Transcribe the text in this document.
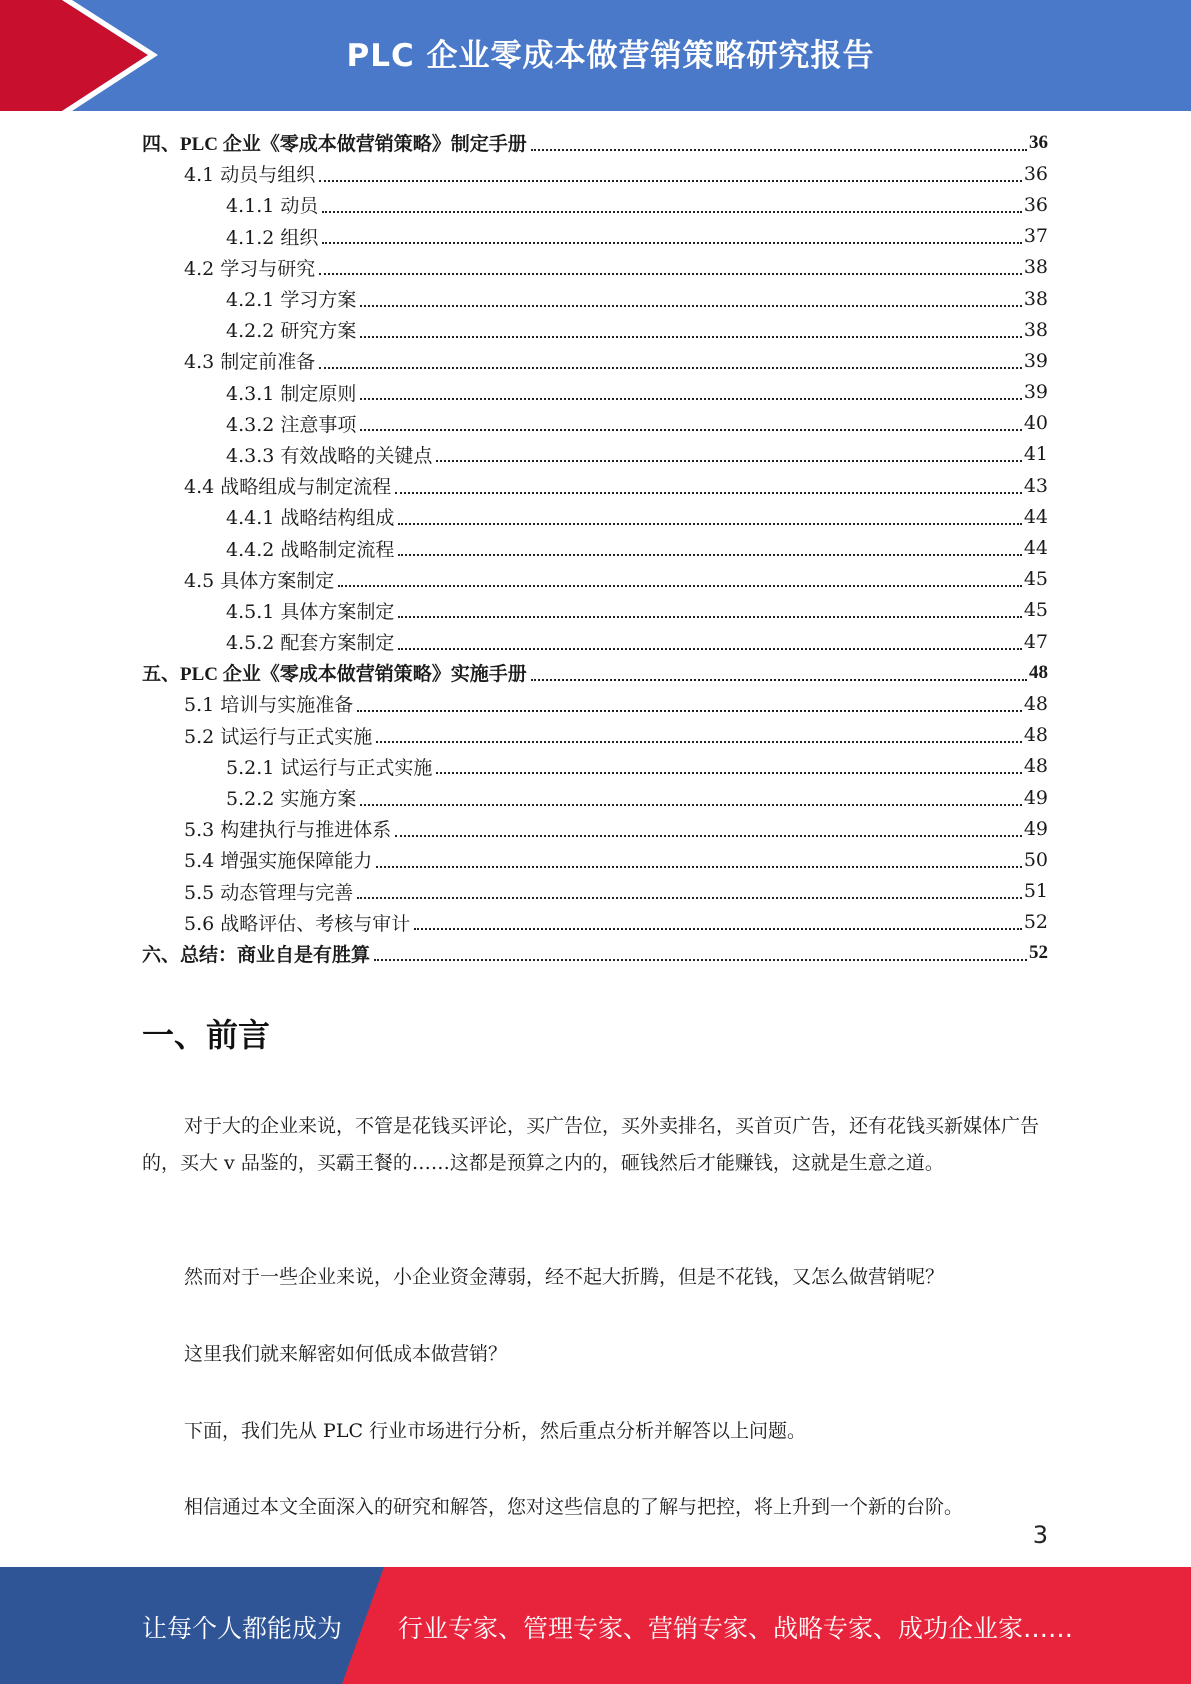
PLC 企业零成本做营销策略研究报告
四、PLC 企业《零成本做营销策略》制定手册	36
4.1 动员与组织	36
4.1.1 动员	36
4.1.2 组织	37
4.2 学习与研究	38
4.2.1 学习方案	38
4.2.2 研究方案	38
4.3 制定前准备	39
4.3.1 制定原则	39
4.3.2 注意事项	40
4.3.3 有效战略的关键点	41
4.4 战略组成与制定流程	43
4.4.1 战略结构组成	44
4.4.2 战略制定流程	44
4.5 具体方案制定	45
4.5.1 具体方案制定	45
4.5.2 配套方案制定	47
五、PLC 企业《零成本做营销策略》实施手册	48
5.1 培训与实施准备	48
5.2 试运行与正式实施	48
5.2.1 试运行与正式实施	48
5.2.2 实施方案	49
5.3 构建执行与推进体系	49
5.4 增强实施保障能力	50
5.5 动态管理与完善	51
5.6 战略评估、考核与审计	52
六、总结：商业自是有胜算	52
一、前言

对于大的企业来说，不管是花钱买评论，买广告位，买外卖排名，买首页广告，还有花钱买新媒体广告的，买大 v 品鉴的，买霸王餐的……这都是预算之内的，砸钱然后才能赚钱，这就是生意之道。

然而对于一些企业来说，小企业资金薄弱，经不起大折腾，但是不花钱，又怎么做营销呢？

这里我们就来解密如何低成本做营销？

下面，我们先从 PLC 行业市场进行分析，然后重点分析并解答以上问题。

相信通过本文全面深入的研究和解答，您对这些信息的了解与把控，将上升到一个新的台阶。

3
让每个人都能成为 行业专家、管理专家、营销专家、战略专家、成功企业家……
